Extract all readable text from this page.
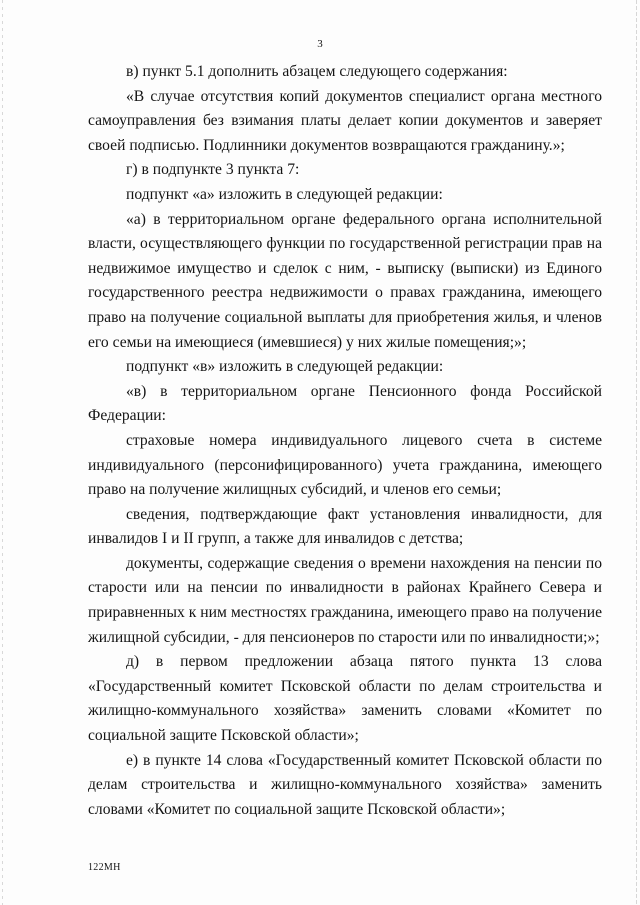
3

в) пункт 5.1 дополнить абзацем следующего содержания:

«В случае отсутствия копий документов специалист органа местного самоуправления без взимания платы делает копии документов и заверяет своей подписью. Подлинники документов возвращаются гражданину.»;

г) в подпункте 3 пункта 7:

подпункт «а» изложить в следующей редакции:

«а) в территориальном органе федерального органа исполнительной власти, осуществляющего функции по государственной регистрации прав на недвижимое имущество и сделок с ним, - выписку (выписки) из Единого государственного реестра недвижимости о правах гражданина, имеющего право на получение социальной выплаты для приобретения жилья, и членов его семьи на имеющиеся (имевшиеся) у них жилые помещения;»;

подпункт «в» изложить в следующей редакции:

«в) в территориальном органе Пенсионного фонда Российской Федерации:

страховые номера индивидуального лицевого счета в системе индивидуального (персонифицированного) учета гражданина, имеющего право на получение жилищных субсидий, и членов его семьи;

сведения, подтверждающие факт установления инвалидности, для инвалидов I и II групп, а также для инвалидов с детства;

документы, содержащие сведения о времени нахождения на пенсии по старости или на пенсии по инвалидности в районах Крайнего Севера и приравненных к ним местностях гражданина, имеющего право на получение жилищной субсидии, - для пенсионеров по старости или по инвалидности;»;

д) в первом предложении абзаца пятого пункта 13 слова «Государственный комитет Псковской области по делам строительства и жилищно-коммунального хозяйства» заменить словами «Комитет по социальной защите Псковской области»;

е) в пункте 14 слова «Государственный комитет Псковской области по делам строительства и жилищно-коммунального хозяйства» заменить словами «Комитет по социальной защите Псковской области»;

122МН
